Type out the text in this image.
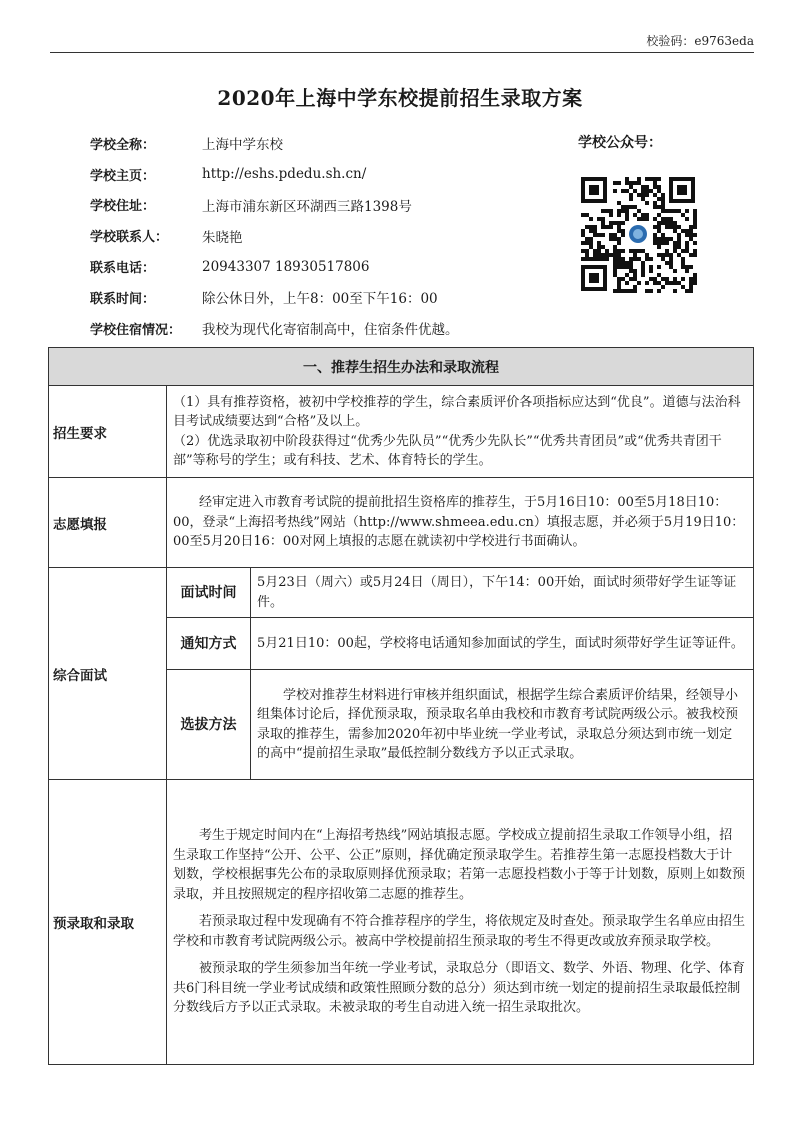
校验码：e9763eda
2020年上海中学东校提前招生录取方案
学校全称：	上海中学东校
学校主页：	http://eshs.pdedu.sh.cn/
学校住址：	上海市浦东新区环湖西三路1398号
学校联系人：	朱晓艳
联系电话：	20943307 18930517806
联系时间：	除公休日外，上午8：00至下午16：00
学校住宿情况：	我校为现代化寄宿制高中，住宿条件优越。
学校公众号：
一、推荐生招生办法和录取流程		
招生要求	（1）具有推荐资格，被初中学校推荐的学生，综合素质评价各项指标应达到“优良”。道德与法治科目考试成绩要达到“合格”及以上。

（2）优选录取初中阶段获得过“优秀少先队员”“优秀少先队长”“优秀共青团员”或“优秀共青团干部”等称号的学生；或有科技、艺术、体育特长的学生。	

志愿填报	经审定进入市教育考试院的提前批招生资格库的推荐生，于5月16日10：00至5月18日10：00，登录“上海招考热线”网站（http://www.shmeea.edu.cn）填报志愿，并必须于5月19日10：00至5月20日16：00对网上填报的志愿在就读初中学校进行书面确认。	

综合面试	面试时间	5月23日（周六）或5月24日（周日），下午14：00开始，面试时须带好学生证等证件。

	通知方式	5月21日10：00起，学校将电话通知参加面试的学生，面试时须带好学生证等证件。

	选拔方法	学校对推荐生材料进行审核并组织面试，根据学生综合素质评价结果，经领导小组集体讨论后，择优预录取，预录取名单由我校和市教育考试院两级公示。被我校预录取的推荐生，需参加2020年初中毕业统一学业考试，录取总分须达到市统一划定的高中“提前招生录取”最低控制分数线方予以正式录取。

预录取和录取	考生于规定时间内在“上海招考热线”网站填报志愿。学校成立提前招生录取工作领导小组，招生录取工作坚持“公开、公平、公正”原则，择优确定预录取学生。若推荐生第一志愿投档数大于计划数，学校根据事先公布的录取原则择优预录取；若第一志愿投档数小于等于计划数，原则上如数预录取，并且按照规定的程序招收第二志愿的推荐生。

若预录取过程中发现确有不符合推荐程序的学生，将依规定及时查处。预录取学生名单应由招生学校和市教育考试院两级公示。被高中学校提前招生预录取的考生不得更改或放弃预录取学校。

被预录取的学生须参加当年统一学业考试，录取总分（即语文、数学、外语、物理、化学、体育共6门科目统一学业考试成绩和政策性照顾分数的总分）须达到市统一划定的提前招生录取最低控制分数线后方予以正式录取。未被录取的考生自动进入统一招生录取批次。	
